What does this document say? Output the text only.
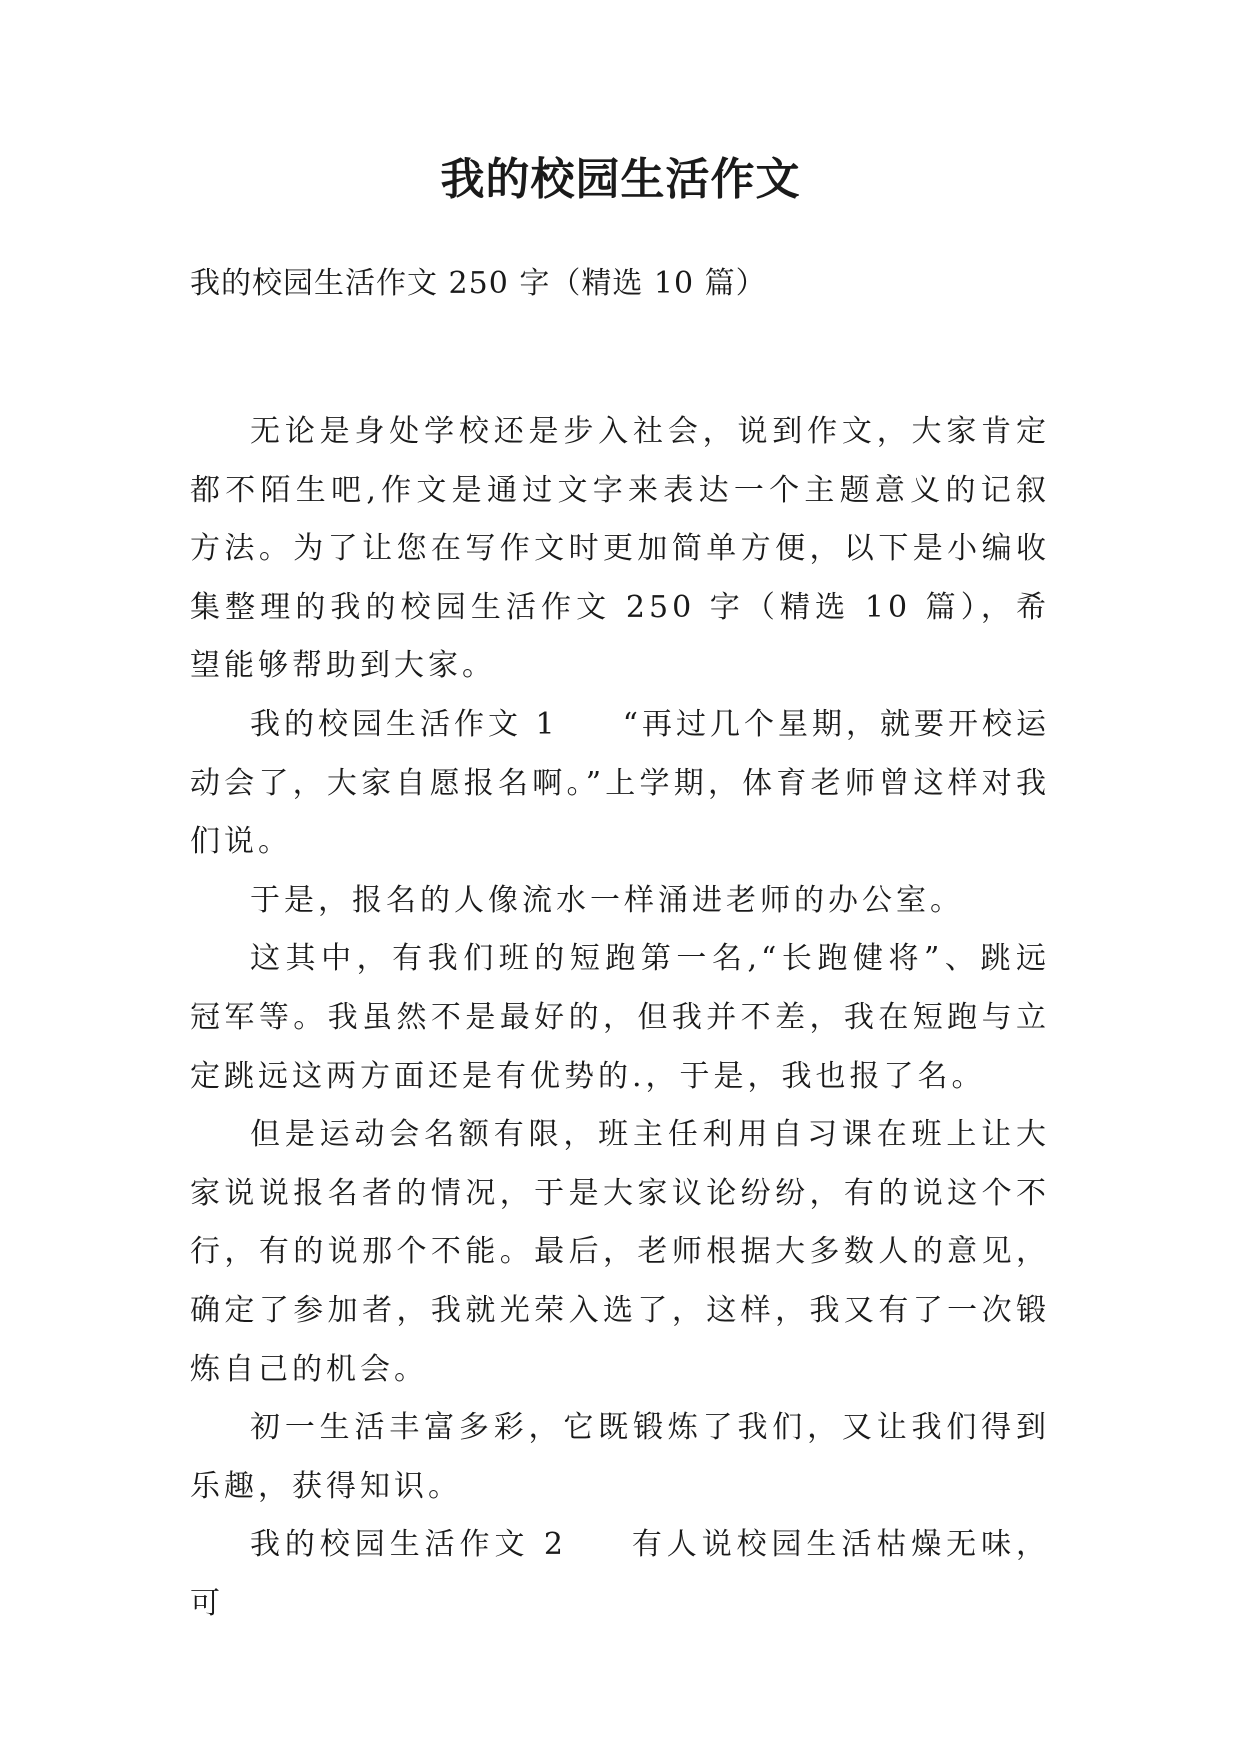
我的校园生活作文

我的校园生活作文 250 字（精选 10 篇）

无论是身处学校还是步入社会，说到作文，大家肯定都不陌生吧,作文是通过文字来表达一个主题意义的记叙方法。为了让您在写作文时更加简单方便，以下是小编收集整理的我的校园生活作文 250 字（精选 10 篇），希望能够帮助到大家。

我的校园生活作文 1 “再过几个星期，就要开校运动会了，大家自愿报名啊。”上学期，体育老师曾这样对我们说。

于是，报名的人像流水一样涌进老师的办公室。

这其中，有我们班的短跑第一名,“长跑健将”、跳远冠军等。我虽然不是最好的，但我并不差，我在短跑与立定跳远这两方面还是有优势的.，于是，我也报了名。

但是运动会名额有限，班主任利用自习课在班上让大家说说报名者的情况，于是大家议论纷纷，有的说这个不行，有的说那个不能。最后，老师根据大多数人的意见，确定了参加者，我就光荣入选了，这样，我又有了一次锻炼自己的机会。

初一生活丰富多彩，它既锻炼了我们，又让我们得到乐趣，获得知识。

我的校园生活作文 2 有人说校园生活枯燥无味，可
